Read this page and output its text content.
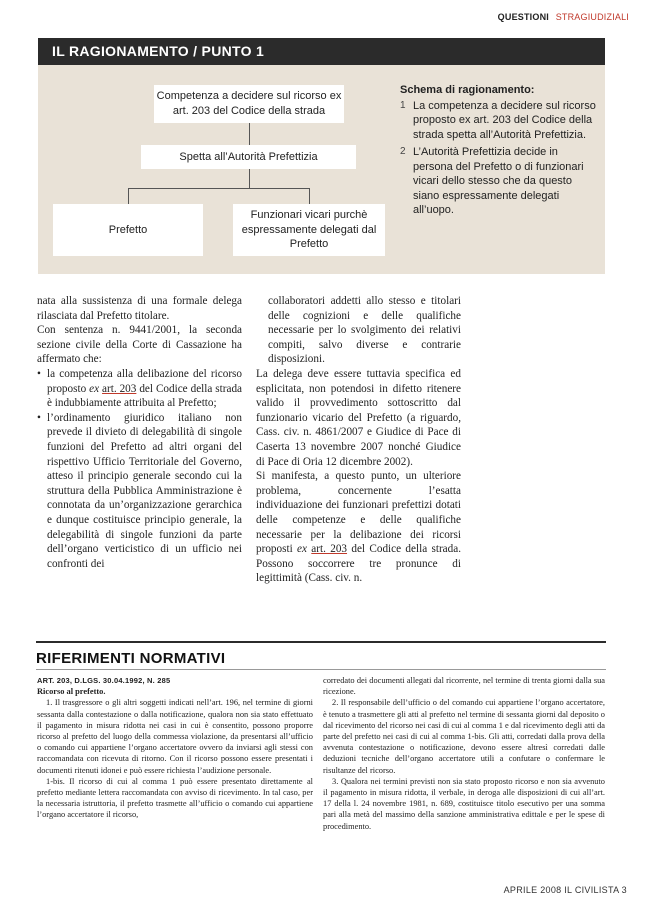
QUESTIONI STRAGIUDIZIALI
IL RAGIONAMENTO / PUNTO 1
Competenza a decidere sul ricorso ex art. 203 del Codice della strada
Spetta all’Autorità Prefettizia
Prefetto
Funzionari vicari purchè espressamente delegati dal Prefetto
Schema di ragionamento:
1 La competenza a decidere sul ricorso proposto ex art. 203 del Codice della strada spetta all’Autorità Prefettizia.
2 L’Autorità Prefettizia decide in persona del Prefetto o di funzionari vicari dello stesso che da questo siano espressamente delegati all’uopo.

nata alla sussistenza di una formale delega rilasciata dal Prefetto titolare.

Con sentenza n. 9441/2001, la seconda sezione civile della Corte di Cassazione ha affermato che:

• la competenza alla delibazione del ricorso proposto ex art. 203 del Codice della strada è indubbiamente attribuita al Prefetto;

• l’ordinamento giuridico italiano non prevede il divieto di delegabilità di singole funzioni del Prefetto ad altri organi del rispettivo Ufficio Territoriale del Governo, atteso il principio generale secondo cui la struttura della Pubblica Amministrazione è connotata da un’organizzazione gerarchica e dunque costituisce principio generale, la delegabilità di singole funzioni da parte dell’organo verticistico di un ufficio nei confronti dei

collaboratori addetti allo stesso e titolari delle cognizioni e delle qualifiche necessarie per lo svolgimento dei relativi compiti, salvo diverse e contrarie disposizioni.

La delega deve essere tuttavia specifica ed esplicitata, non potendosi in difetto ritenere valido il provvedimento sottoscritto dal funzionario vicario del Prefetto (a riguardo, Cass. civ. n. 4861/2007 e Giudice di Pace di Caserta 13 novembre 2007 nonché Giudice di Pace di Oria 12 dicembre 2002).

Si manifesta, a questo punto, un ulteriore problema, concernente l’esatta individuazione dei funzionari prefettizi dotati delle competenze e delle qualifiche necessarie per la delibazione dei ricorsi proposti ex art. 203 del Codice della strada. Possono soccorrere tre pronunce di legittimità (Cass. civ. n.

RIFERIMENTI NORMATIVI

ART. 203, D.LGS. 30.04.1992, N. 285

Ricorso al prefetto.

1. Il trasgressore o gli altri soggetti indicati nell’art. 196, nel termine di giorni sessanta dalla contestazione o dalla notificazione, qualora non sia stato effettuato il pagamento in misura ridotta nei casi in cui è consentito, possono proporre ricorso al prefetto del luogo della commessa violazione, da presentarsi all’ufficio o comando cui appartiene l’organo accertatore ovvero da inviarsi agli stessi con raccomandata con ricevuta di ritorno. Con il ricorso possono essere presentati i documenti ritenuti idonei e può essere richiesta l’audizione personale.

1-bis. Il ricorso di cui al comma 1 può essere presentato direttamente al prefetto mediante lettera raccomandata con avviso di ricevimento. In tal caso, per la necessaria istruttoria, il prefetto trasmette all’ufficio o comando cui appartiene l’organo accertatore il ricorso,

corredato dei documenti allegati dal ricorrente, nel termine di trenta giorni dalla sua ricezione.

2. Il responsabile dell’ufficio o del comando cui appartiene l’organo accertatore, è tenuto a trasmettere gli atti al prefetto nel termine di sessanta giorni dal deposito o dal ricevimento del ricorso nei casi di cui al comma 1 e dal ricevimento degli atti da parte del prefetto nei casi di cui al comma 1-bis. Gli atti, corredati dalla prova della avvenuta contestazione o notificazione, devono essere altresì corredati dalle deduzioni tecniche dell’organo accertatore utili a confutare o confermare le risultanze del ricorso.

3. Qualora nei termini previsti non sia stato proposto ricorso e non sia avvenuto il pagamento in misura ridotta, il verbale, in deroga alle disposizioni di cui all’art. 17 della l. 24 novembre 1981, n. 689, costituisce titolo esecutivo per una somma pari alla metà del massimo della sanzione amministrativa edittale e per le spese di procedimento.

APRILE 2008 IL CIVILISTA 3
